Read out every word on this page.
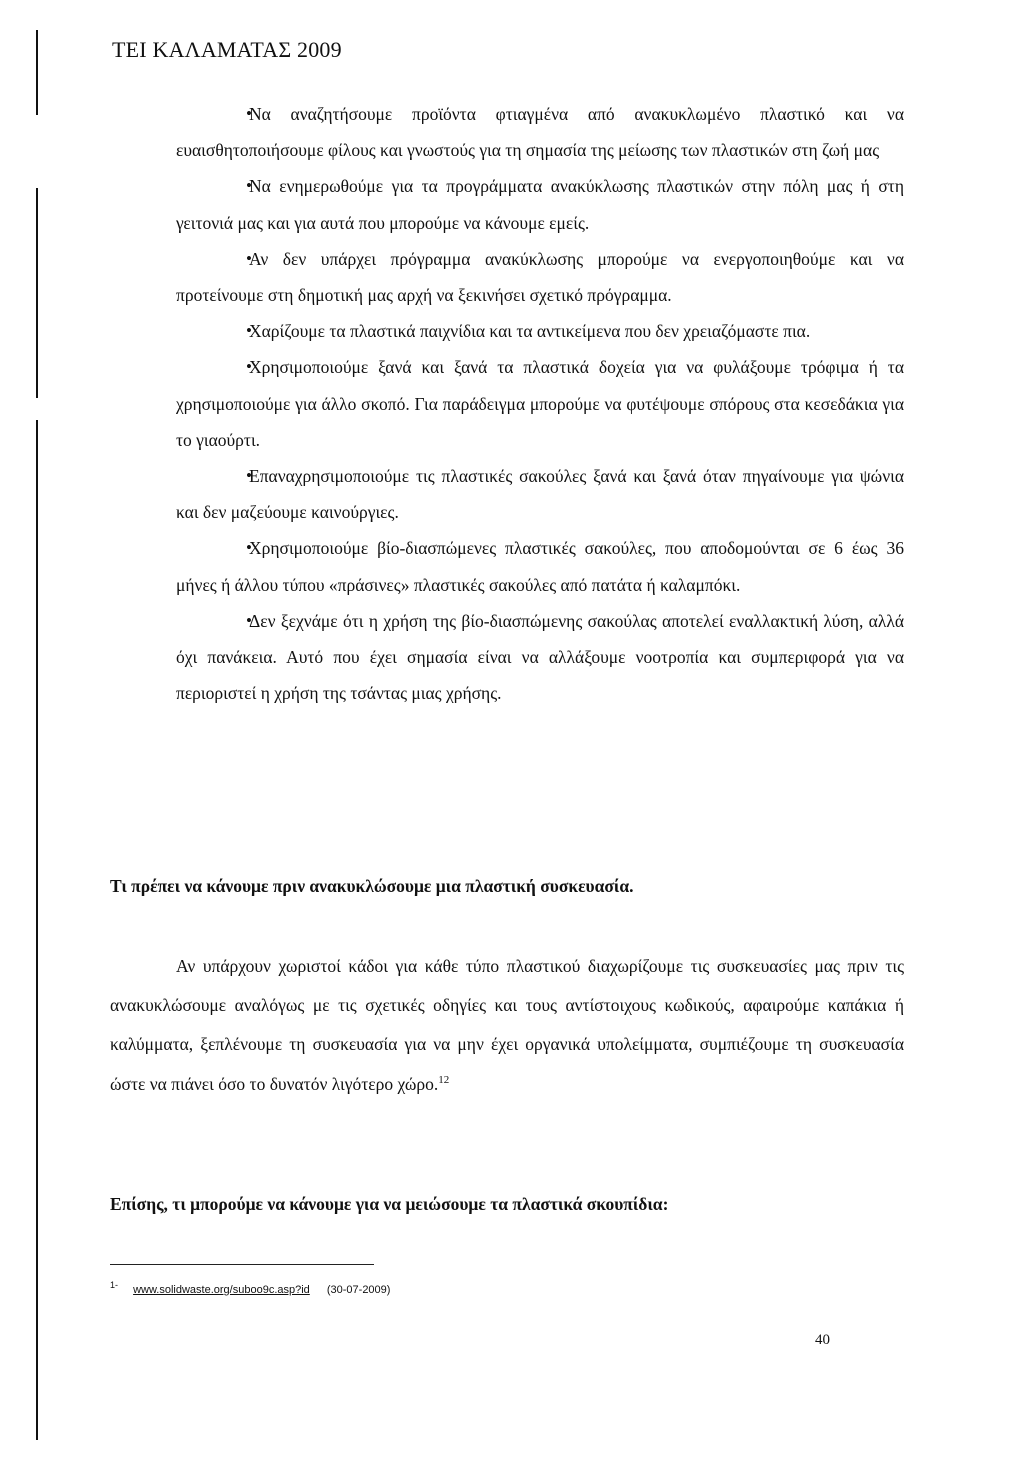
ΤΕΙ ΚΑΛΑΜΑΤΑΣ 2009
• Να αναζητήσουμε προϊόντα φτιαγμένα από ανακυκλωμένο πλαστικό και να ευαισθητοποιήσουμε φίλους και γνωστούς για τη σημασία της μείωσης των πλαστικών στη ζωή μας
• Να ενημερωθούμε για τα προγράμματα ανακύκλωσης πλαστικών στην πόλη μας ή στη γειτονιά μας και για αυτά που μπορούμε να κάνουμε εμείς.
• Αν δεν υπάρχει πρόγραμμα ανακύκλωσης μπορούμε να ενεργοποιηθούμε και να προτείνουμε στη δημοτική μας αρχή να ξεκινήσει σχετικό πρόγραμμα.
• Χαρίζουμε τα πλαστικά παιχνίδια και τα αντικείμενα που δεν χρειαζόμαστε πια.
• Χρησιμοποιούμε ξανά και ξανά τα πλαστικά δοχεία για να φυλάξουμε τρόφιμα ή τα χρησιμοποιούμε για άλλο σκοπό. Για παράδειγμα μπορούμε να φυτέψουμε σπόρους στα κεσεδάκια για το γιαούρτι.
• Επαναχρησιμοποιούμε τις πλαστικές σακούλες ξανά και ξανά όταν πηγαίνουμε για ψώνια και δεν μαζεύουμε καινούργιες.
• Χρησιμοποιούμε βίο-διασπώμενες πλαστικές σακούλες, που αποδομούνται σε 6 έως 36 μήνες ή άλλου τύπου «πράσινες» πλαστικές σακούλες από πατάτα ή καλαμπόκι.
• Δεν ξεχνάμε ότι η χρήση της βίο-διασπώμενης σακούλας αποτελεί εναλλακτική λύση, αλλά όχι πανάκεια. Αυτό που έχει σημασία είναι να αλλάξουμε νοοτροπία και συμπεριφορά για να περιοριστεί η χρήση της τσάντας μιας χρήσης.
Τι πρέπει να κάνουμε πριν ανακυκλώσουμε μια πλαστική συσκευασία.
Αν υπάρχουν χωριστοί κάδοι για κάθε τύπο πλαστικού διαχωρίζουμε τις συσκευασίες μας πριν τις ανακυκλώσουμε αναλόγως με τις σχετικές οδηγίες και τους αντίστοιχους κωδικούς, αφαιρούμε καπάκια ή καλύμματα, ξεπλένουμε τη συσκευασία για να μην έχει οργανικά υπολείμματα, συμπιέζουμε τη συσκευασία ώστε να πιάνει όσο το δυνατόν λιγότερο χώρο.$^{12}$
Επίσης, τι μπορούμε να κάνουμε για να μειώσουμε τα πλαστικά σκουπίδια:
$^{1-}$ www.solidwaste.org/suboo9c.asp?id (30-07-2009)
40
